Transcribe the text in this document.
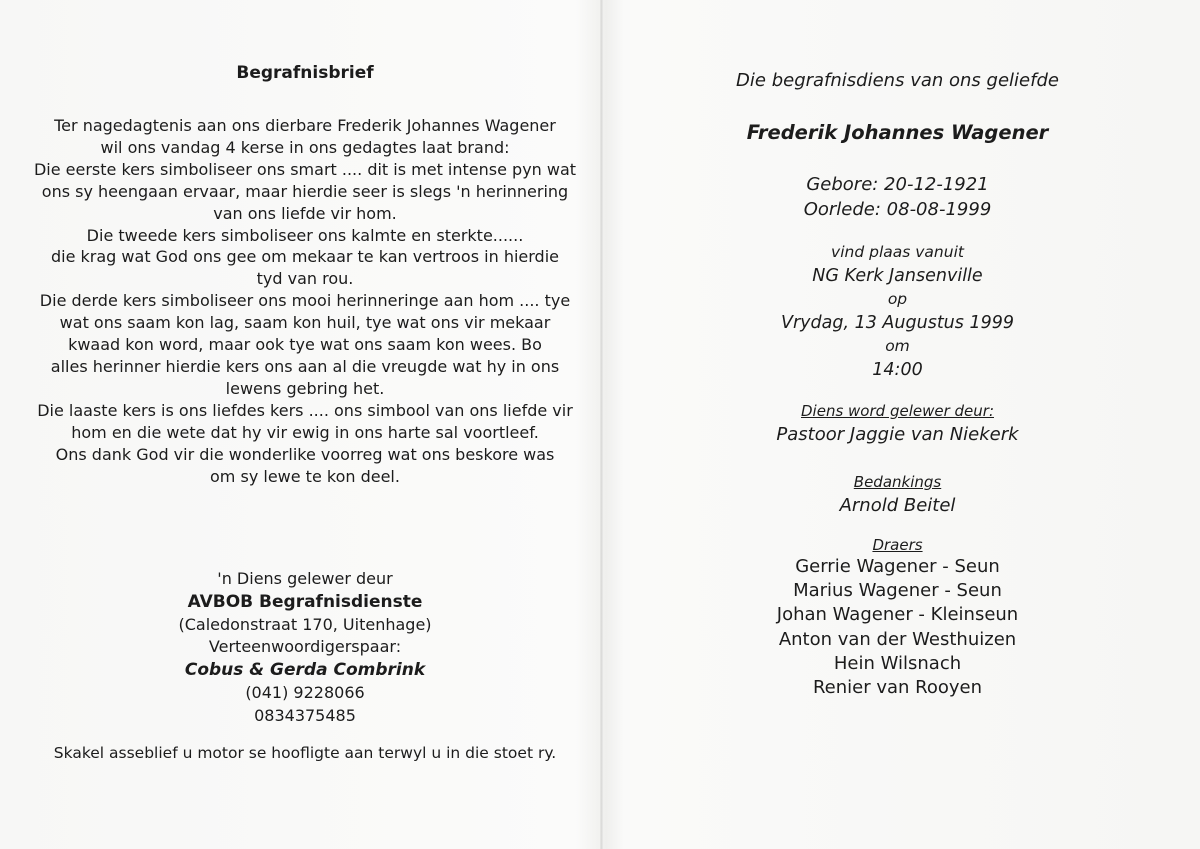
Begrafnisbrief
Ter nagedagtenis aan ons dierbare Frederik Johannes Wagener
wil ons vandag 4 kerse in ons gedagtes laat brand:
Die eerste kers simboliseer ons smart .... dit is met intense pyn wat
ons sy heengaan ervaar, maar hierdie seer is slegs 'n herinnering
van ons liefde vir hom.
Die tweede kers simboliseer ons kalmte en sterkte......
die krag wat God ons gee om mekaar te kan vertroos in hierdie
tyd van rou.
Die derde kers simboliseer ons mooi herinneringe aan hom .... tye
wat ons saam kon lag, saam kon huil, tye wat ons vir mekaar
kwaad kon word, maar ook tye wat ons saam kon wees. Bo
alles herinner hierdie kers ons aan al die vreugde wat hy in ons
lewens gebring het.
Die laaste kers is ons liefdes kers .... ons simbool van ons liefde vir
hom en die wete dat hy vir ewig in ons harte sal voortleef.
Ons dank God vir die wonderlike voorreg wat ons beskore was
om sy lewe te kon deel.
'n Diens gelewer deur
AVBOB Begrafnisdienste
(Caledonstraat 170, Uitenhage)
Verteenwoordigerspaar:
Cobus & Gerda Combrink
(041) 9228066
0834375485
Skakel asseblief u motor se hoofligte aan terwyl u in die stoet ry.
Die begrafnisdiens van ons geliefde
Frederik Johannes Wagener
Gebore: 20-12-1921
Oorlede: 08-08-1999
vind plaas vanuit
NG Kerk Jansenville
op
Vrydag, 13 Augustus 1999
om
14:00
Diens word gelewer deur:
Pastoor Jaggie van Niekerk
Bedankings
Arnold Beitel
Draers
Gerrie Wagener - Seun
Marius Wagener - Seun
Johan Wagener - Kleinseun
Anton van der Westhuizen
Hein Wilsnach
Renier van Rooyen
